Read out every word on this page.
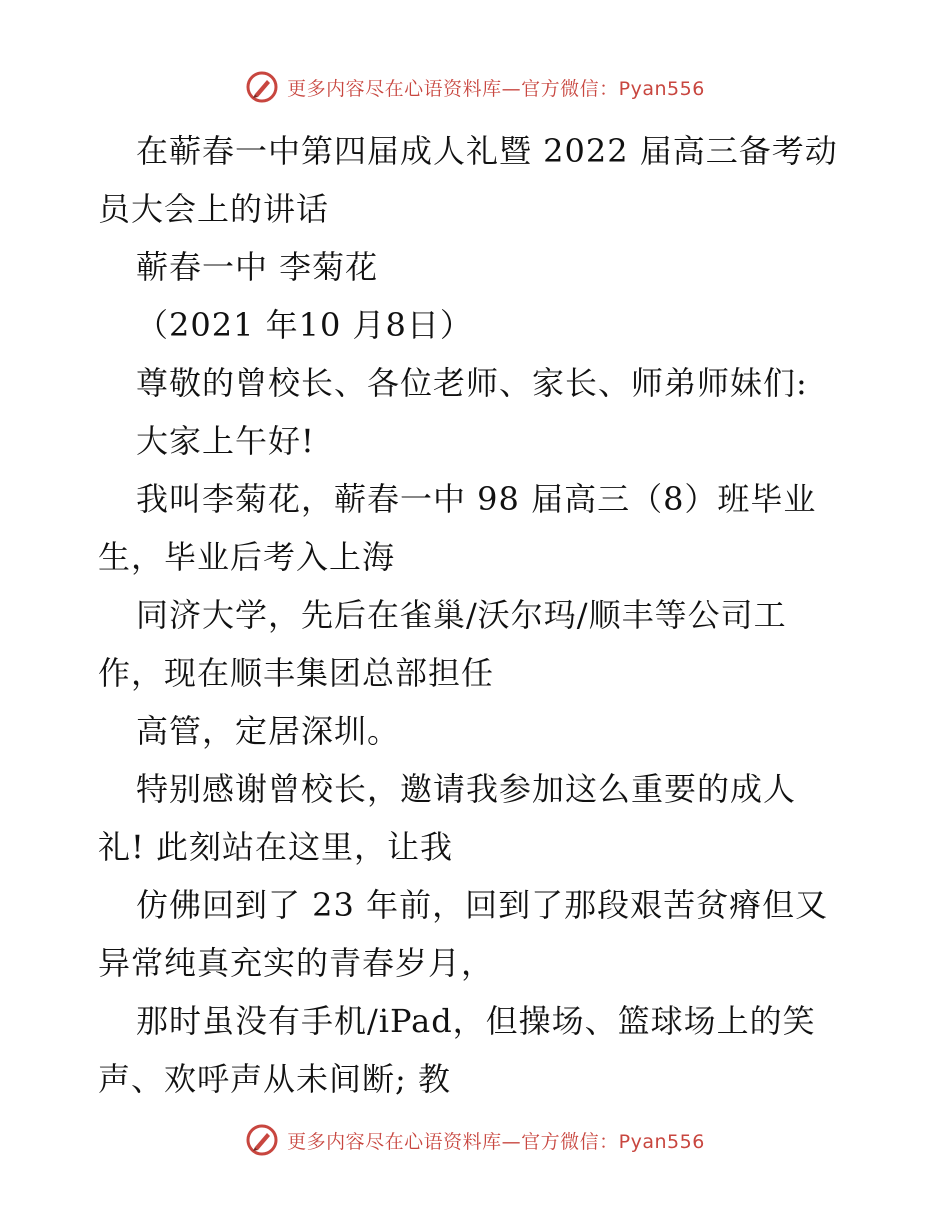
更多内容尽在心语资料库—官方微信：Pyan556
在蕲春一中第四届成人礼暨 2022 届高三备考动
员大会上的讲话
蕲春一中 李菊花
（2021 年10 月8日）
尊敬的曾校长、各位老师、家长、师弟师妹们:
大家上午好!
我叫李菊花，蕲春一中 98 届高三（8）班毕业
生，毕业后考入上海
同济大学，先后在雀巢/沃尔玛/顺丰等公司工
作，现在顺丰集团总部担任
高管，定居深圳。
特别感谢曾校长，邀请我参加这么重要的成人
礼! 此刻站在这里，让我
仿佛回到了 23 年前，回到了那段艰苦贫瘠但又
异常纯真充实的青春岁月，
那时虽没有手机/iPad，但操场、篮球场上的笑
声、欢呼声从未间断; 教
更多内容尽在心语资料库—官方微信：Pyan556
